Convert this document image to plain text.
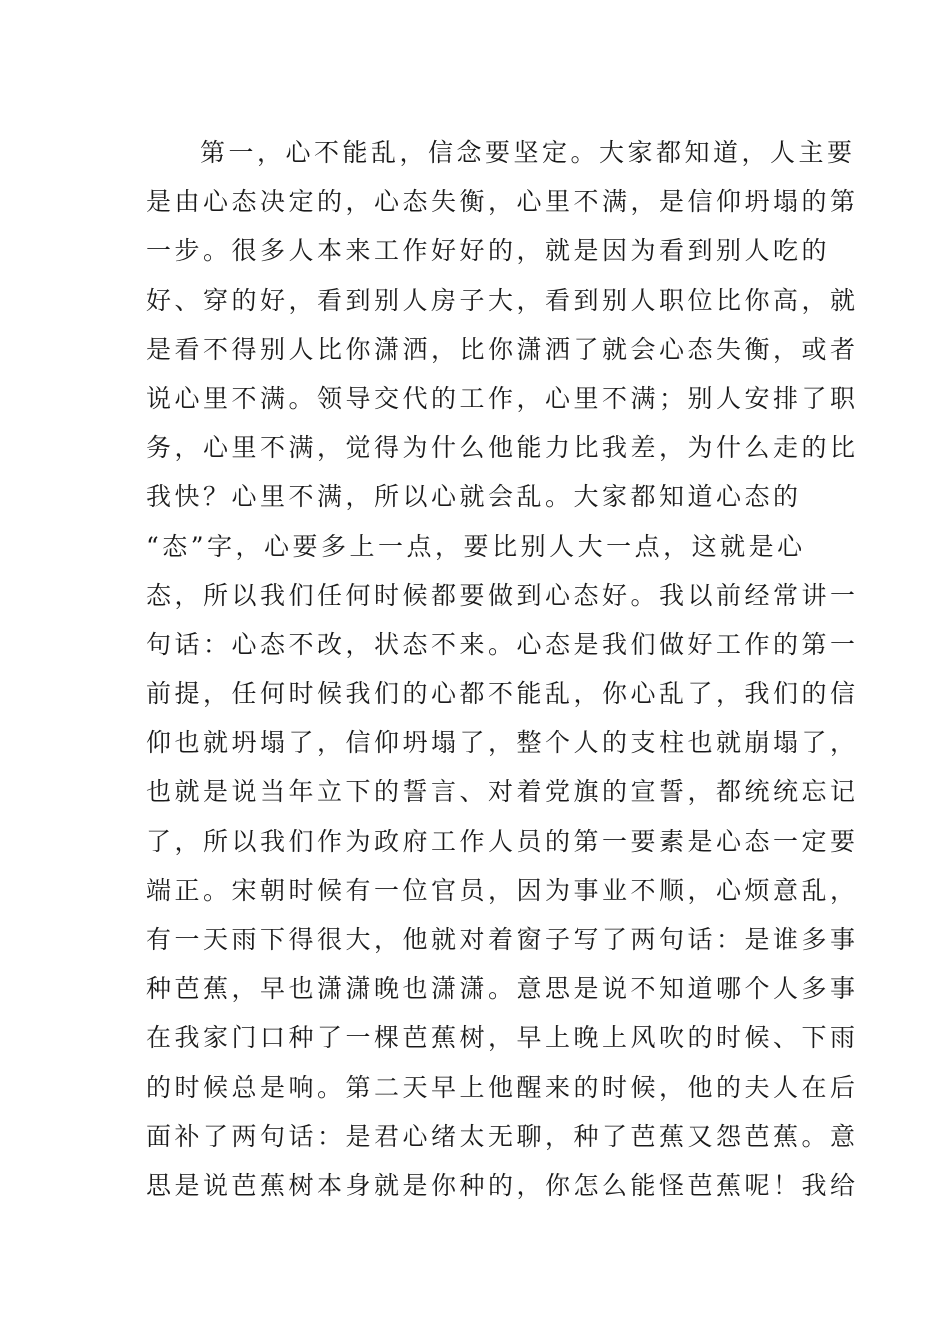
第一，心不能乱，信念要坚定。大家都知道，人主要
是由心态决定的，心态失衡，心里不满，是信仰坍塌的第
一步。很多人本来工作好好的，就是因为看到别人吃的
好、穿的好，看到别人房子大，看到别人职位比你高，就
是看不得别人比你潇洒，比你潇洒了就会心态失衡，或者
说心里不满。领导交代的工作，心里不满；别人安排了职
务，心里不满，觉得为什么他能力比我差，为什么走的比
我快？心里不满，所以心就会乱。大家都知道心态的
“态”字，心要多上一点，要比别人大一点，这就是心
态，所以我们任何时候都要做到心态好。我以前经常讲一
句话：心态不改，状态不来。心态是我们做好工作的第一
前提，任何时候我们的心都不能乱，你心乱了，我们的信
仰也就坍塌了，信仰坍塌了，整个人的支柱也就崩塌了，
也就是说当年立下的誓言、对着党旗的宣誓，都统统忘记
了，所以我们作为政府工作人员的第一要素是心态一定要
端正。宋朝时候有一位官员，因为事业不顺，心烦意乱，
有一天雨下得很大，他就对着窗子写了两句话：是谁多事
种芭蕉，早也潇潇晚也潇潇。意思是说不知道哪个人多事
在我家门口种了一棵芭蕉树，早上晚上风吹的时候、下雨
的时候总是响。第二天早上他醒来的时候，他的夫人在后
面补了两句话：是君心绪太无聊，种了芭蕉又怨芭蕉。意
思是说芭蕉树本身就是你种的，你怎么能怪芭蕉呢！我给
